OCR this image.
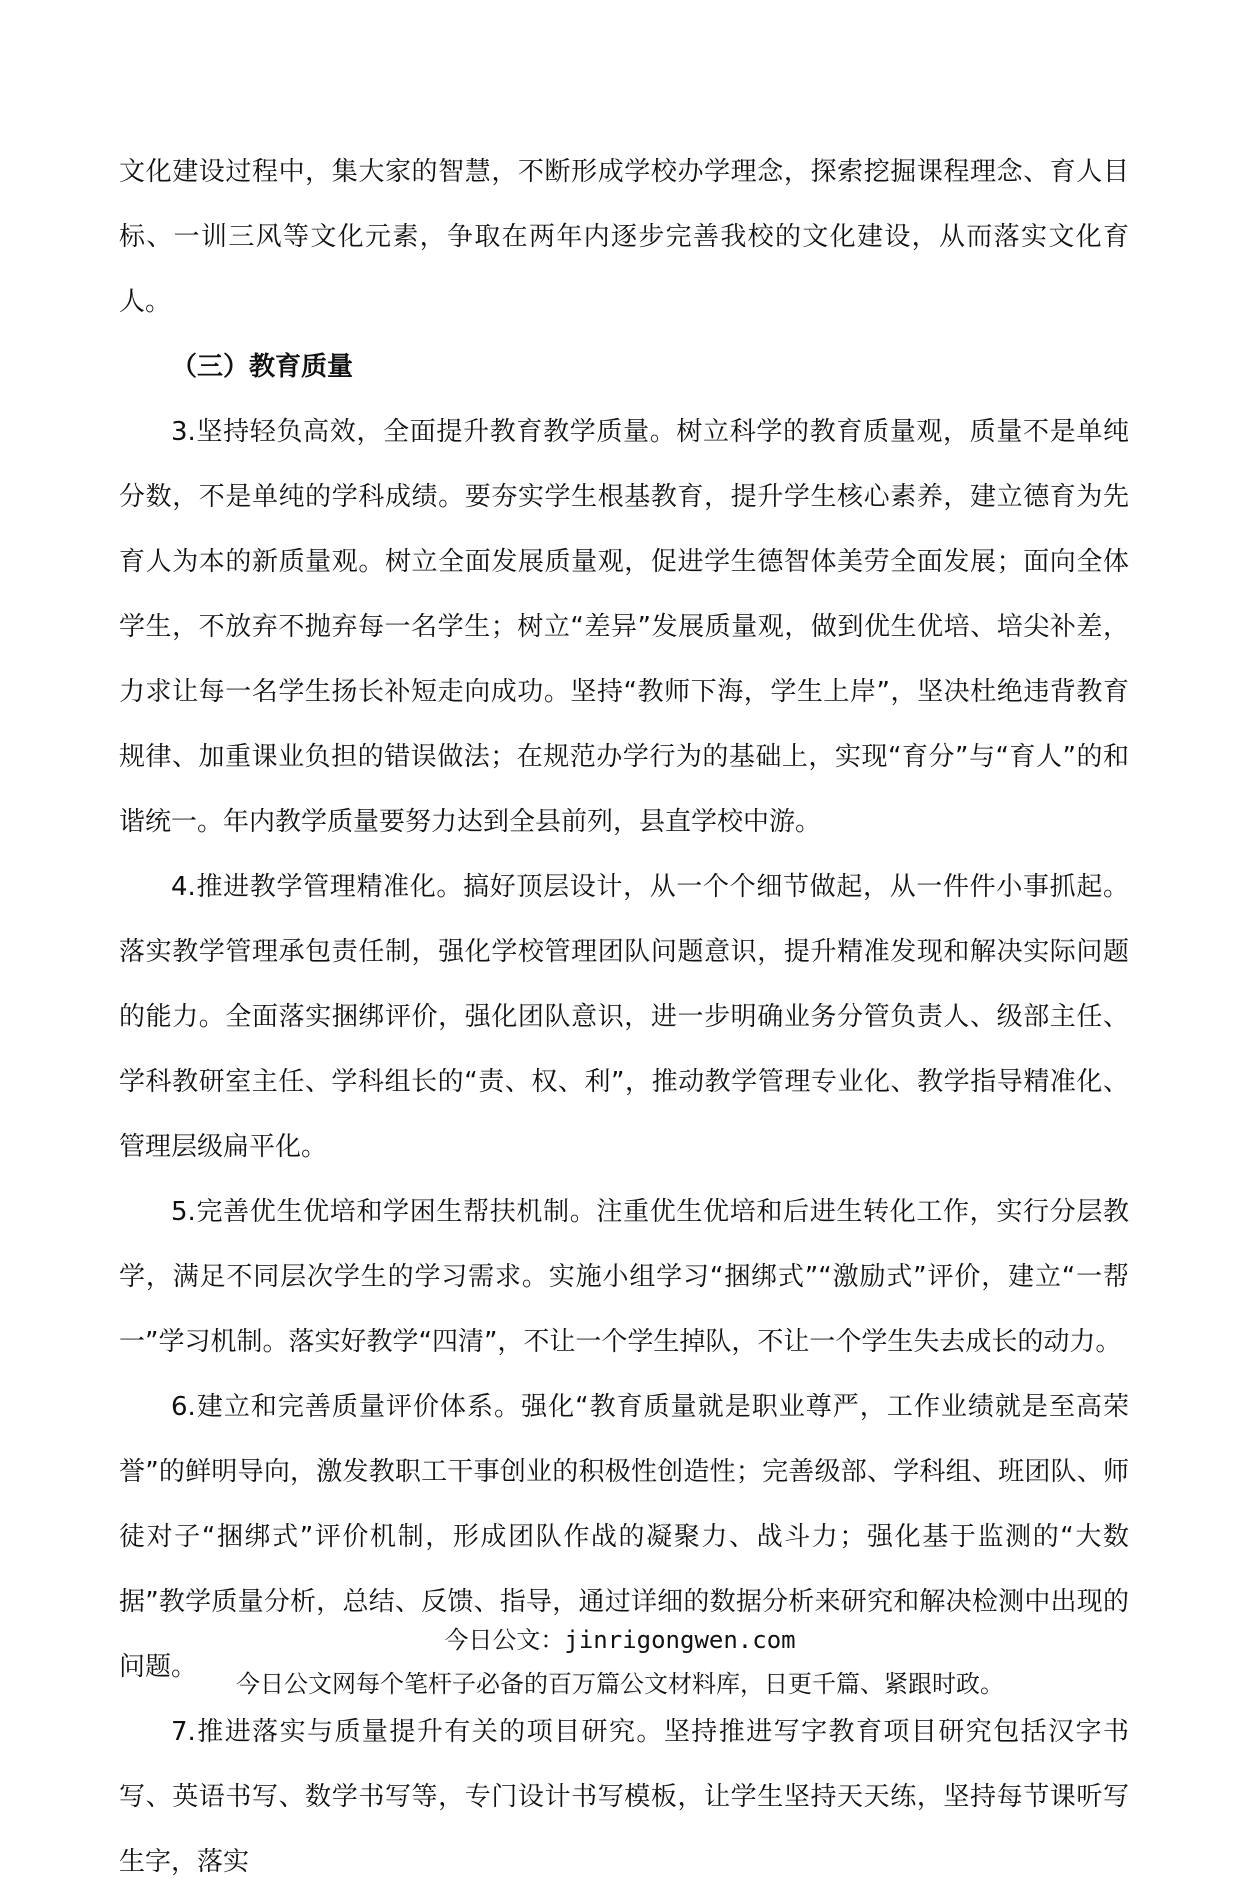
文化建设过程中，集大家的智慧，不断形成学校办学理念，探索挖掘课程理念、育人目标、一训三风等文化元素，争取在两年内逐步完善我校的文化建设，从而落实文化育人。

（三）教育质量

3.坚持轻负高效，全面提升教育教学质量。树立科学的教育质量观，质量不是单纯分数，不是单纯的学科成绩。要夯实学生根基教育，提升学生核心素养，建立德育为先育人为本的新质量观。树立全面发展质量观，促进学生德智体美劳全面发展；面向全体学生，不放弃不抛弃每一名学生；树立“差异”发展质量观，做到优生优培、培尖补差，力求让每一名学生扬长补短走向成功。坚持“教师下海，学生上岸”，坚决杜绝违背教育规律、加重课业负担的错误做法；在规范办学行为的基础上，实现“育分”与“育人”的和谐统一。年内教学质量要努力达到全县前列，县直学校中游。

4.推进教学管理精准化。搞好顶层设计，从一个个细节做起，从一件件小事抓起。落实教学管理承包责任制，强化学校管理团队问题意识，提升精准发现和解决实际问题的能力。全面落实捆绑评价，强化团队意识，进一步明确业务分管负责人、级部主任、学科教研室主任、学科组长的“责、权、利”，推动教学管理专业化、教学指导精准化、管理层级扁平化。

5.完善优生优培和学困生帮扶机制。注重优生优培和后进生转化工作，实行分层教学，满足不同层次学生的学习需求。实施小组学习“捆绑式”“激励式”评价，建立“一帮一”学习机制。落实好教学“四清”，不让一个学生掉队，不让一个学生失去成长的动力。

6.建立和完善质量评价体系。强化“教育质量就是职业尊严，工作业绩就是至高荣誉”的鲜明导向，激发教职工干事创业的积极性创造性；完善级部、学科组、班团队、师徒对子“捆绑式”评价机制，形成团队作战的凝聚力、战斗力；强化基于监测的“大数据”教学质量分析，总结、反馈、指导，通过详细的数据分析来研究和解决检测中出现的问题。

7.推进落实与质量提升有关的项目研究。坚持推进写字教育项目研究包括汉字书写、英语书写、数学书写等，专门设计书写模板，让学生坚持天天练，坚持每节课听写生字，落实

今日公文：jinrigongwen.com
今日公文网每个笔杆子必备的百万篇公文材料库，日更千篇、紧跟时政。
